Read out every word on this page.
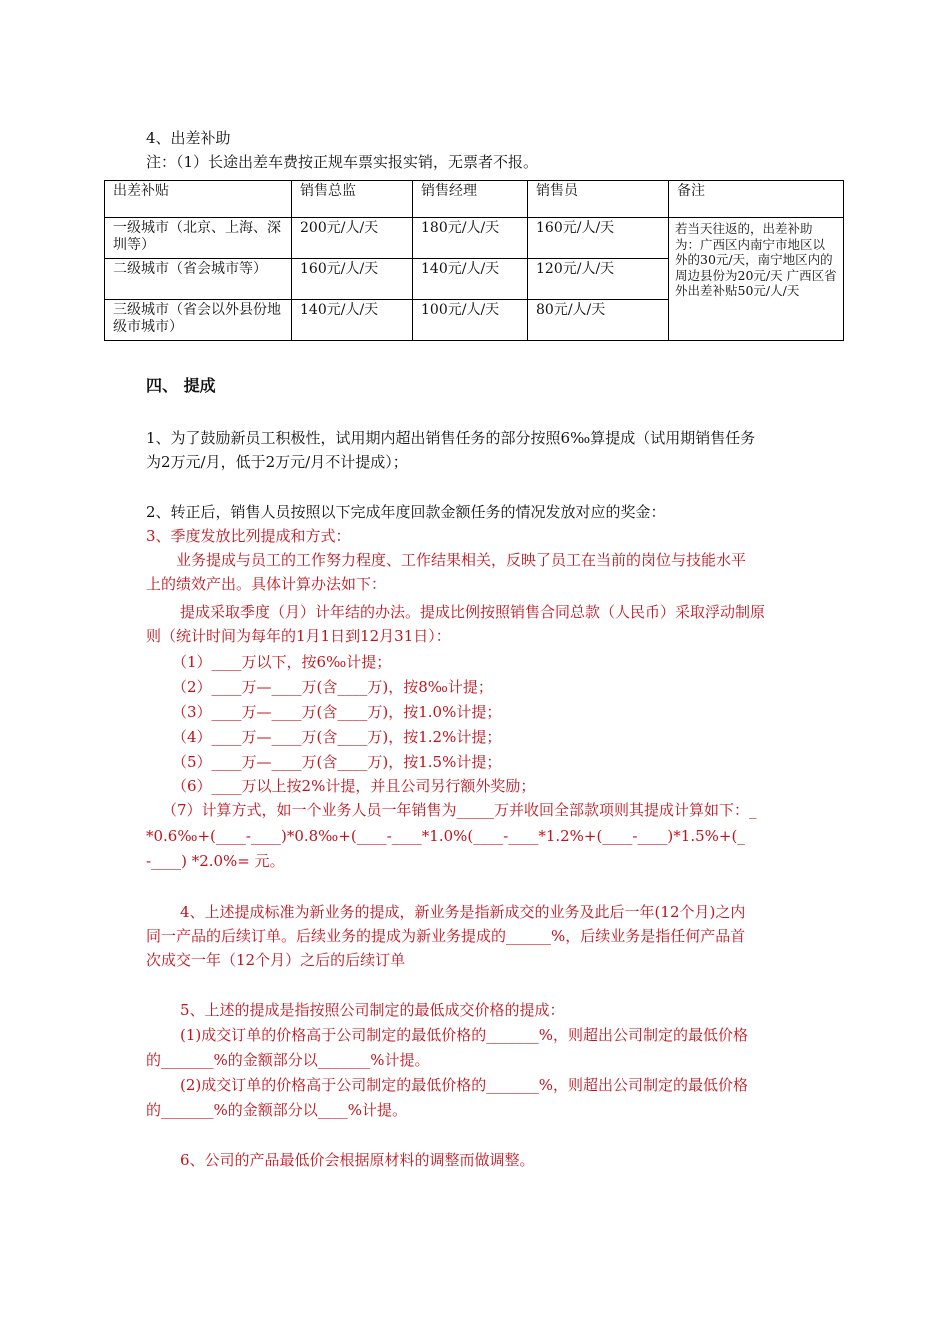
4、出差补助
注：（1）长途出差车费按正规车票实报实销，无票者不报。
出差补贴	销售总监	销售经理	销售员	备注
一级城市（北京、上海、深圳等）	200元/人/天	180元/人/天	160元/人/天	若当天往返的，出差补助为：广西区内南宁市地区以外的30元/天，南宁地区内的周边县份为20元/天 广西区省外出差补贴50元/人/天
二级城市（省会城市等）	160元/人/天	140元/人/天	120元/人/天	
三级城市（省会以外县份地级市城市）	140元/人/天	100元/人/天	80元/人/天	
四、 提成
1、为了鼓励新员工积极性，试用期内超出销售任务的部分按照6‰算提成（试用期销售任务
为2万元/月，低于2万元/月不计提成）；
2、转正后，销售人员按照以下完成年度回款金额任务的情况发放对应的奖金：
3、季度发放比列提成和方式：
业务提成与员工的工作努力程度、工作结果相关，反映了员工在当前的岗位与技能水平
上的绩效产出。具体计算办法如下：
提成采取季度（月）计年结的办法。提成比例按照销售合同总款（人民币）采取浮动制原
则（统计时间为每年的1月1日到12月31日）：
（1）____万以下，按6‰计提；
（2）____万—____万(含____万)，按8‰计提；
（3）____万—____万(含____万)，按1.0%计提；
（4）____万—____万(含____万)，按1.2%计提；
（5）____万—____万(含____万)，按1.5%计提；
（6）____万以上按2%计提，并且公司另行额外奖励；
（7）计算方式，如一个业务人员一年销售为_____万并收回全部款项则其提成计算如下：_
*0.6‰+(____-____)*0.8‰+(____-____*1.0%(____-____*1.2%+(____-____)*1.5%+(_
-____) *2.0%= 元。
4、上述提成标准为新业务的提成，新业务是指新成交的业务及此后一年(12个月)之内
同一产品的后续订单。后续业务的提成为新业务提成的______%，后续业务是指任何产品首
次成交一年（12个月）之后的后续订单
5、上述的提成是指按照公司制定的最低成交价格的提成：
(1)成交订单的价格高于公司制定的最低价格的_______%，则超出公司制定的最低价格
的_______%的金额部分以_______%计提。
(2)成交订单的价格高于公司制定的最低价格的_______%，则超出公司制定的最低价格
的_______%的金额部分以____%计提。
6、公司的产品最低价会根据原材料的调整而做调整。
